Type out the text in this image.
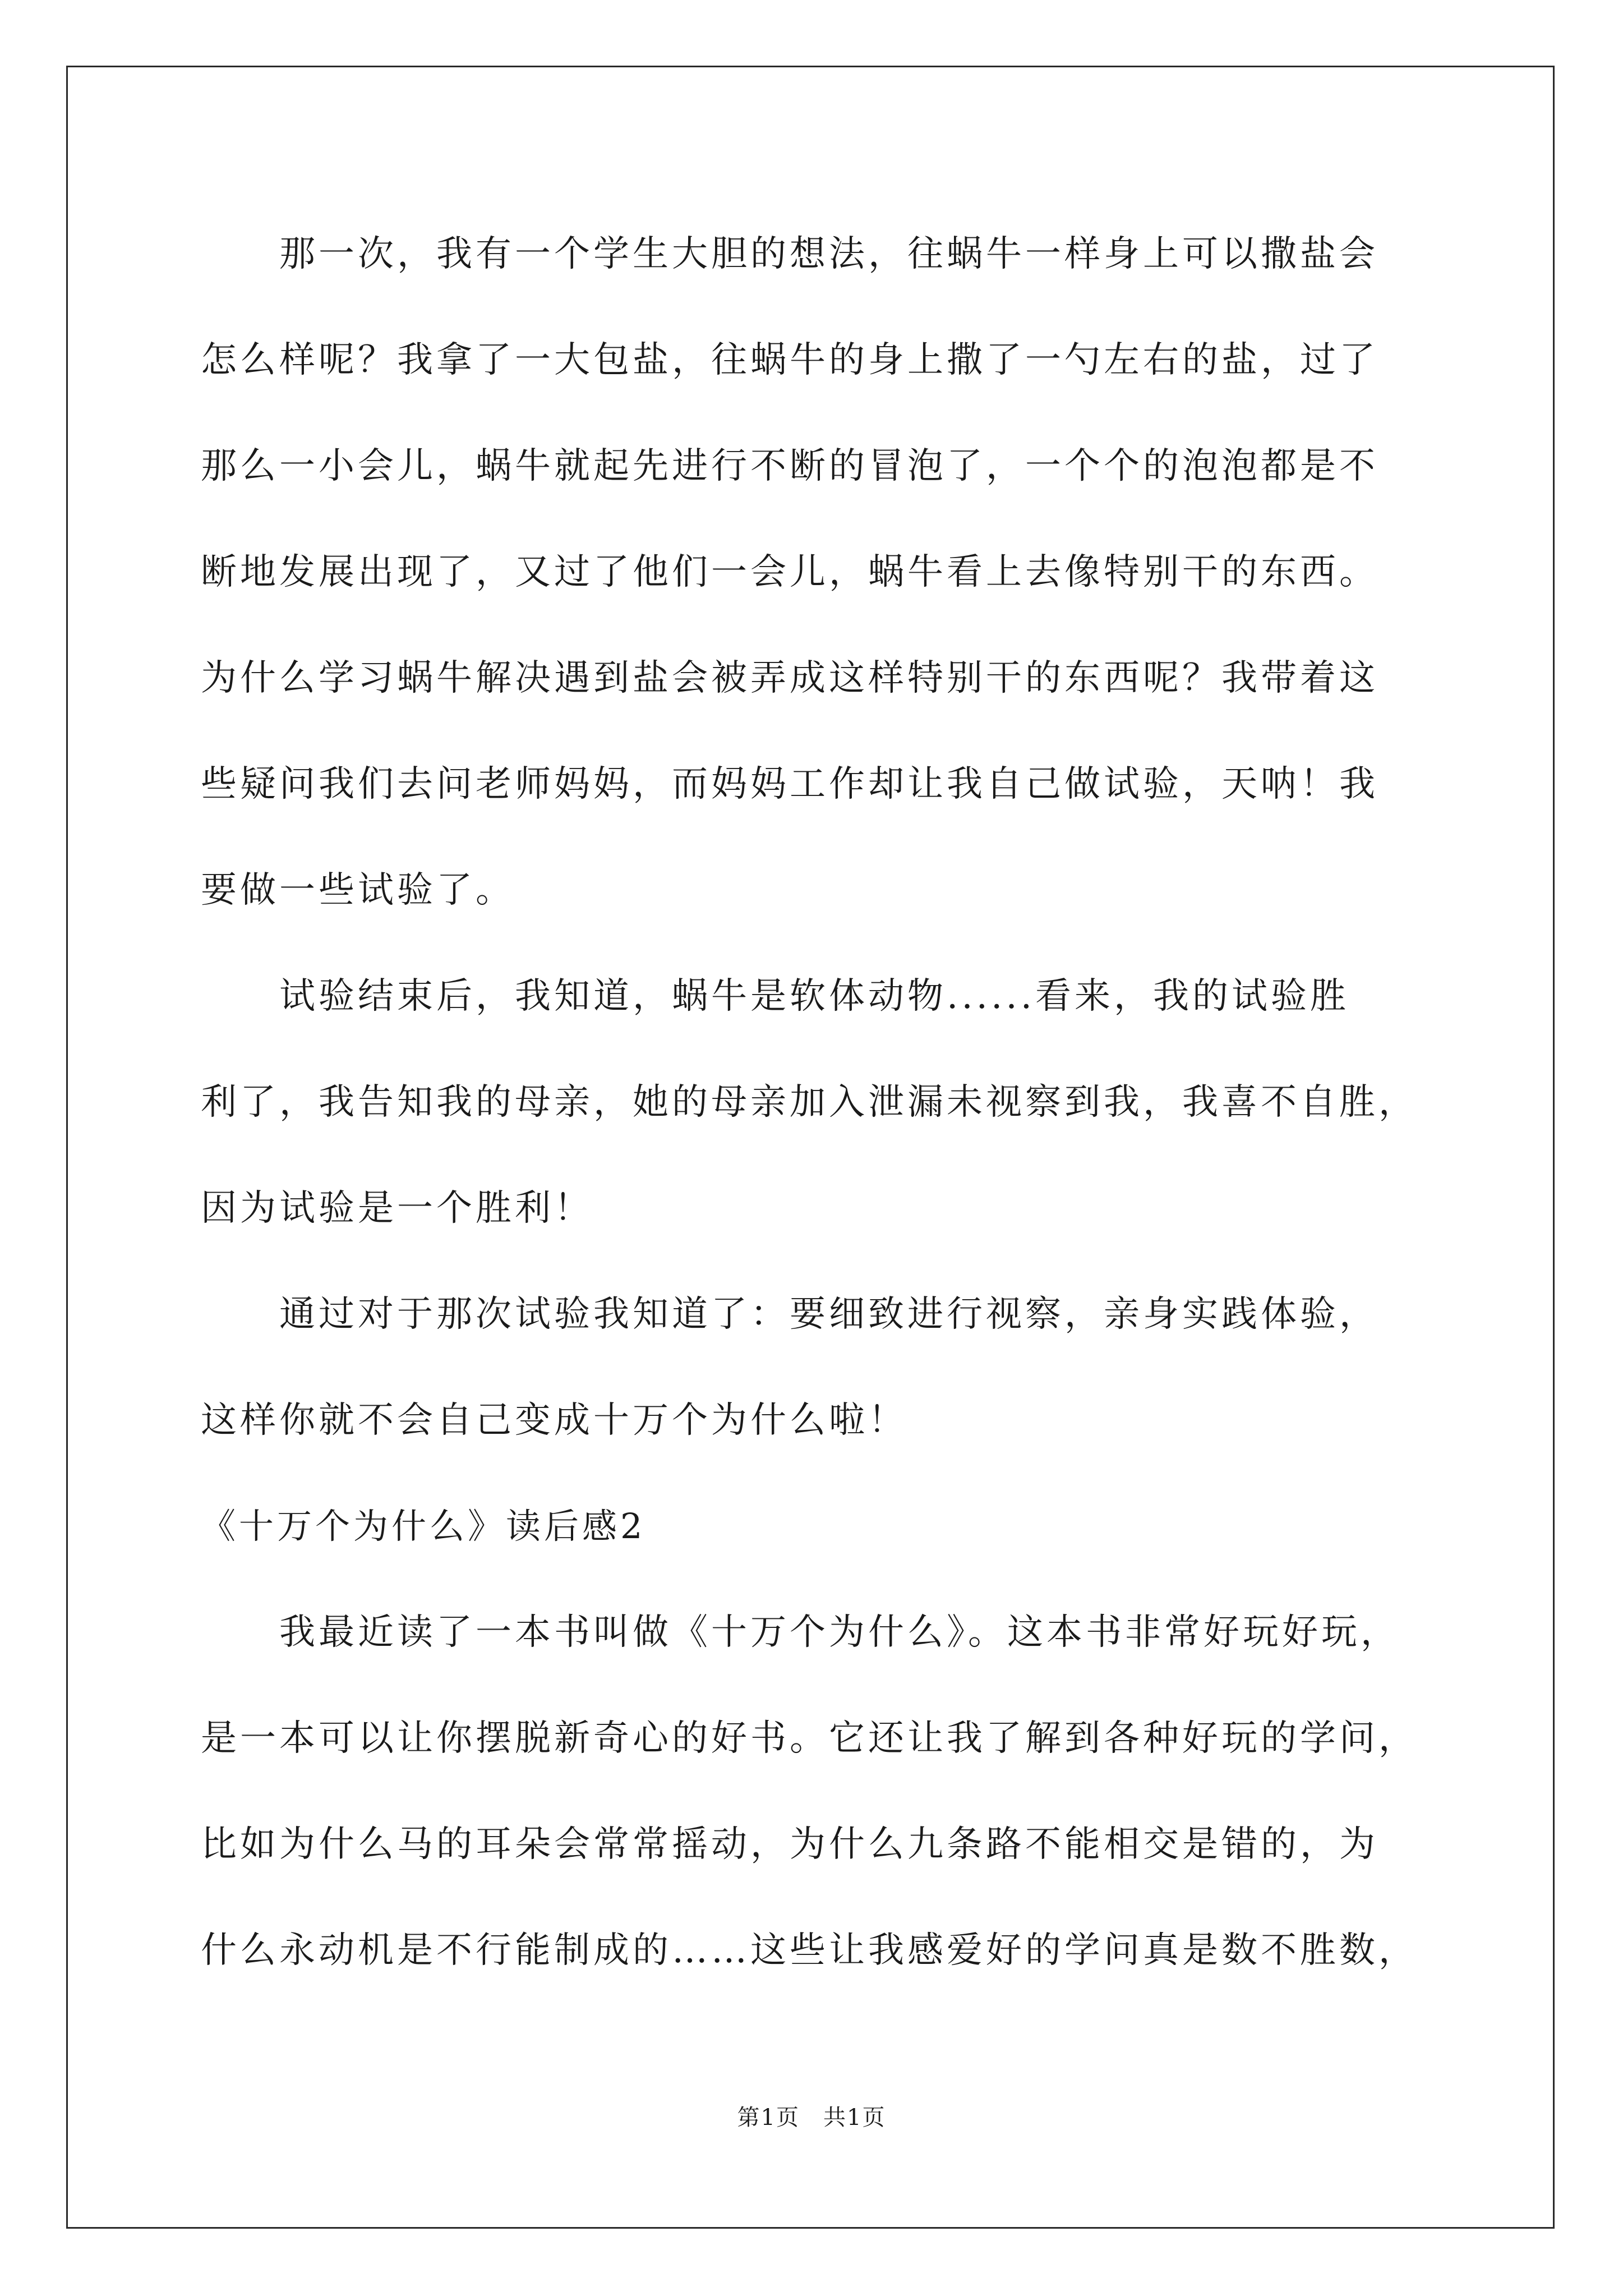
那一次，我有一个学生大胆的想法，往蜗牛一样身上可以撒盐会
怎么样呢？我拿了一大包盐，往蜗牛的身上撒了一勺左右的盐，过了
那么一小会儿，蜗牛就起先进行不断的冒泡了，一个个的泡泡都是不
断地发展出现了，又过了他们一会儿，蜗牛看上去像特别干的东西。
为什么学习蜗牛解决遇到盐会被弄成这样特别干的东西呢？我带着这
些疑问我们去问老师妈妈，而妈妈工作却让我自己做试验，天呐！我
要做一些试验了。
试验结束后，我知道，蜗牛是软体动物......看来，我的试验胜
利了，我告知我的母亲，她的母亲加入泄漏未视察到我，我喜不自胜，
因为试验是一个胜利！
通过对于那次试验我知道了：要细致进行视察，亲身实践体验，
这样你就不会自己变成十万个为什么啦！
《十万个为什么》读后感2
我最近读了一本书叫做《十万个为什么》。这本书非常好玩好玩，
是一本可以让你摆脱新奇心的好书。它还让我了解到各种好玩的学问，
比如为什么马的耳朵会常常摇动，为什么九条路不能相交是错的，为
什么永动机是不行能制成的……这些让我感爱好的学问真是数不胜数，
第1页　共1页
